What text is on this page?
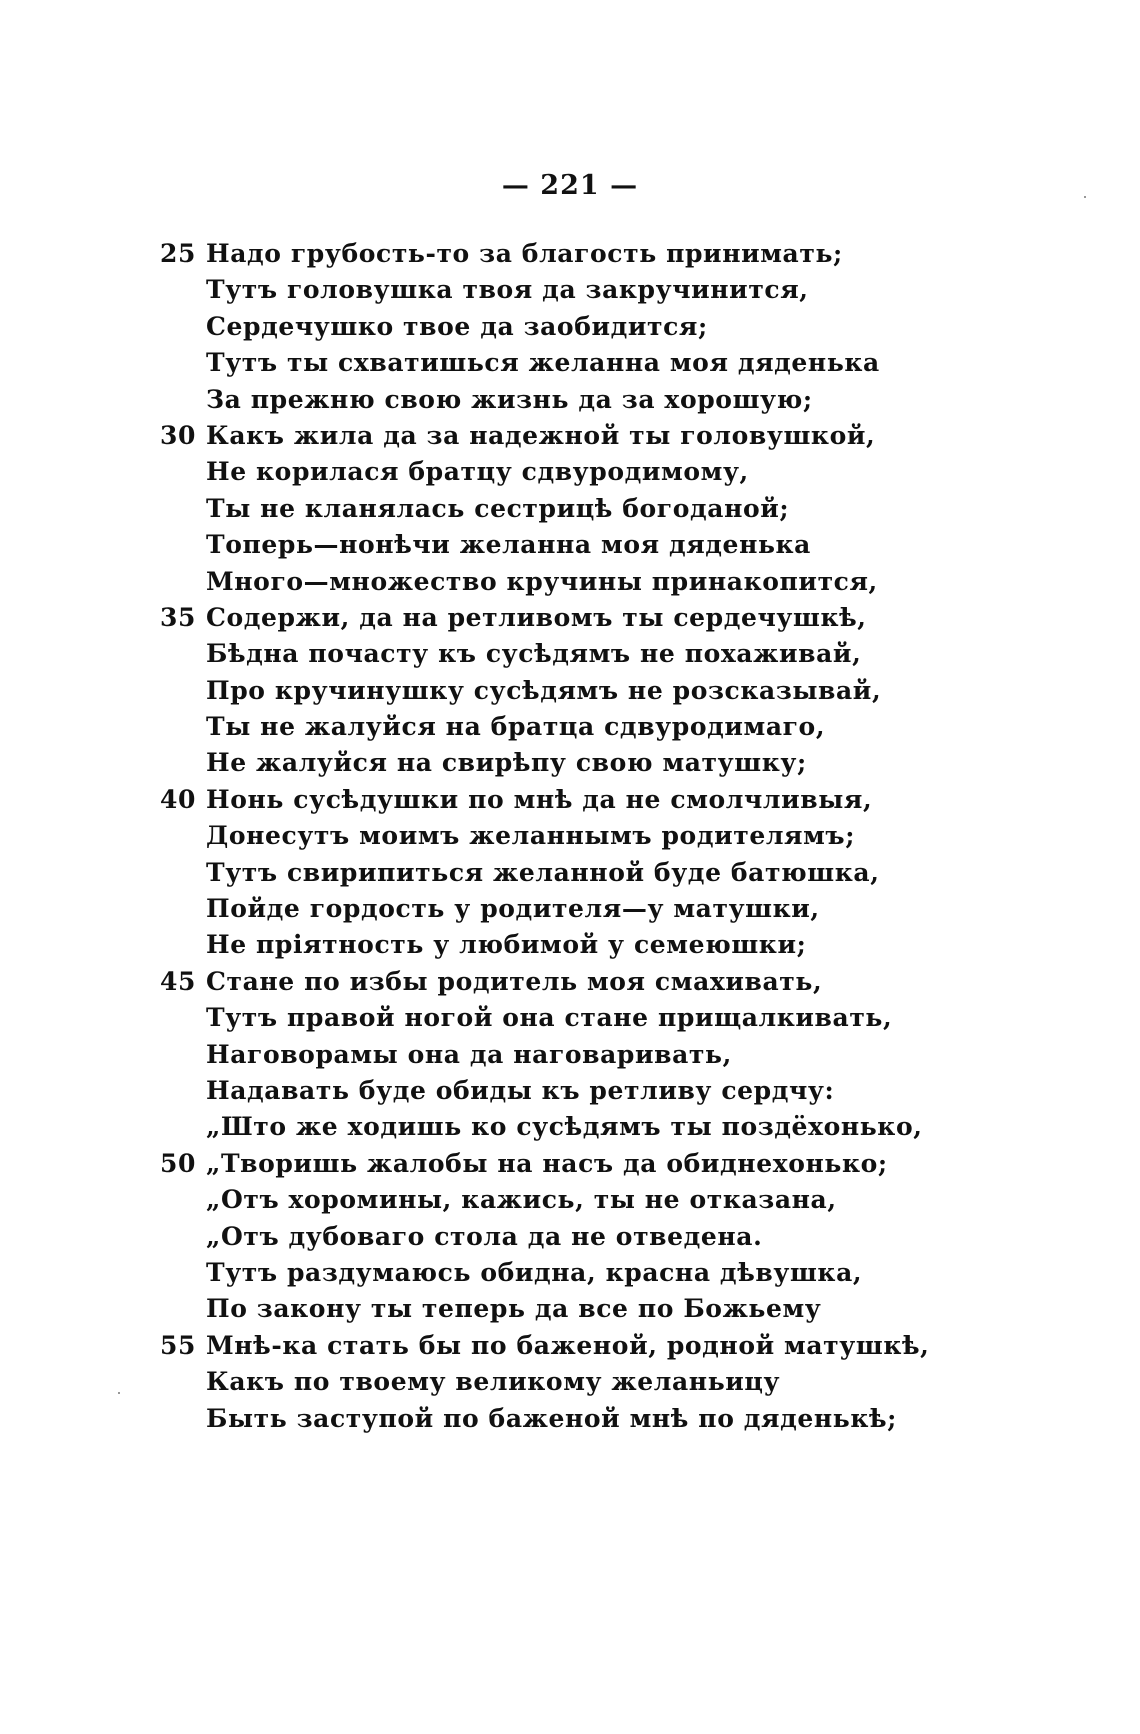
— 221 —
25 Надо грубость-то за благость принимать;
Тутъ головушка твоя да закручинится,
Сердечушко твое да заобидится;
Тутъ ты схватишься желанна моя дяденька
За прежню свою жизнь да за хорошую;
30 Какъ жила да за надежной ты головушкой,
Не корилася братцу сдвуродимому,
Ты не кланялась сестрицѣ богоданой;
Топерь—нонѣчи желанна моя дяденька
Много—множество кручины принакопится,
35 Содержи, да на ретливомъ ты сердечушкѣ,
Бѣдна почасту къ сусѣдямъ не похаживай,
Про кручинушку сусѣдямъ не розсказывай,
Ты не жалуйся на братца сдвуродимаго,
Не жалуйся на свирѣпу свою матушку;
40 Нонь сусѣдушки по мнѣ да не смолчливыя,
Донесутъ моимъ желаннымъ родителямъ;
Тутъ свирипиться желанной буде батюшка,
Пойде гордость у родителя—у матушки,
Не пріятность у любимой у семеюшки;
45 Стане по избы родитель моя смахивать,
Тутъ правой ногой она стане прищалкивать,
Наговорамы она да наговаривать,
Надавать буде обиды къ ретливу сердчу:
„Што же ходишь ко сусѣдямъ ты поздёхонько,
50 „Творишь жалобы на насъ да обиднехонько;
„Отъ хоромины, кажись, ты не отказана,
„Отъ дубоваго стола да не отведена.
Тутъ раздумаюсь обидна, красна дѣвушка,
По закону ты теперь да все по Божьему
55 Мнѣ-ка стать бы по баженой, родной матушкѣ,
Какъ по твоему великому желаньицу
Быть заступой по баженой мнѣ по дяденькѣ;
